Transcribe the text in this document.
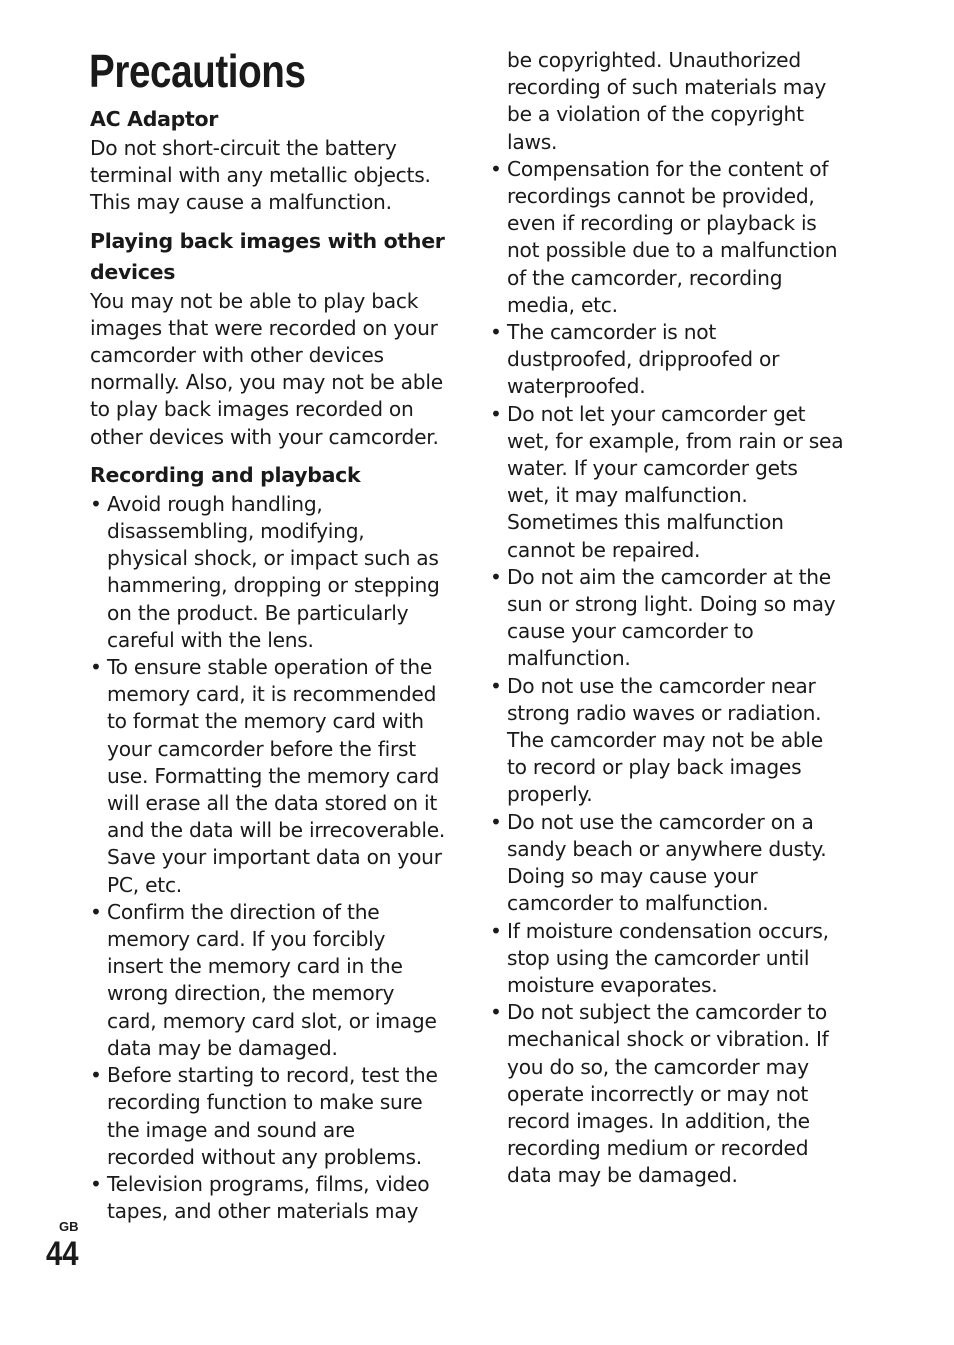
Precautions
AC Adaptor

Do not short-circuit the battery terminal with any metallic objects. This may cause a malfunction.

Playing back images with other devices

You may not be able to play back images that were recorded on your camcorder with other devices normally. Also, you may not be able to play back images recorded on other devices with your camcorder.

Recording and playback
• Avoid rough handling, disassembling, modifying, physical shock, or impact such as hammering, dropping or stepping on the product. Be particularly careful with the lens.
• To ensure stable operation of the memory card, it is recommended to format the memory card with your camcorder before the first use. Formatting the memory card will erase all the data stored on it and the data will be irrecoverable. Save your important data on your PC, etc.
• Confirm the direction of the memory card. If you forcibly insert the memory card in the wrong direction, the memory card, memory card slot, or image data may be damaged.
• Before starting to record, test the recording function to make sure the image and sound are recorded without any problems.
• Television programs, films, video tapes, and other materials may

be copyrighted. Unauthorized recording of such materials may be a violation of the copyright laws.

• Compensation for the content of recordings cannot be provided, even if recording or playback is not possible due to a malfunction of the camcorder, recording media, etc.
• The camcorder is not dustproofed, dripproofed or waterproofed.
• Do not let your camcorder get wet, for example, from rain or sea water. If your camcorder gets wet, it may malfunction. Sometimes this malfunction cannot be repaired.
• Do not aim the camcorder at the sun or strong light. Doing so may cause your camcorder to malfunction.
• Do not use the camcorder near strong radio waves or radiation. The camcorder may not be able to record or play back images properly.
• Do not use the camcorder on a sandy beach or anywhere dusty. Doing so may cause your camcorder to malfunction.
• If moisture condensation occurs, stop using the camcorder until moisture evaporates.
• Do not subject the camcorder to mechanical shock or vibration. If you do so, the camcorder may operate incorrectly or may not record images. In addition, the recording medium or recorded data may be damaged.
GB
44
